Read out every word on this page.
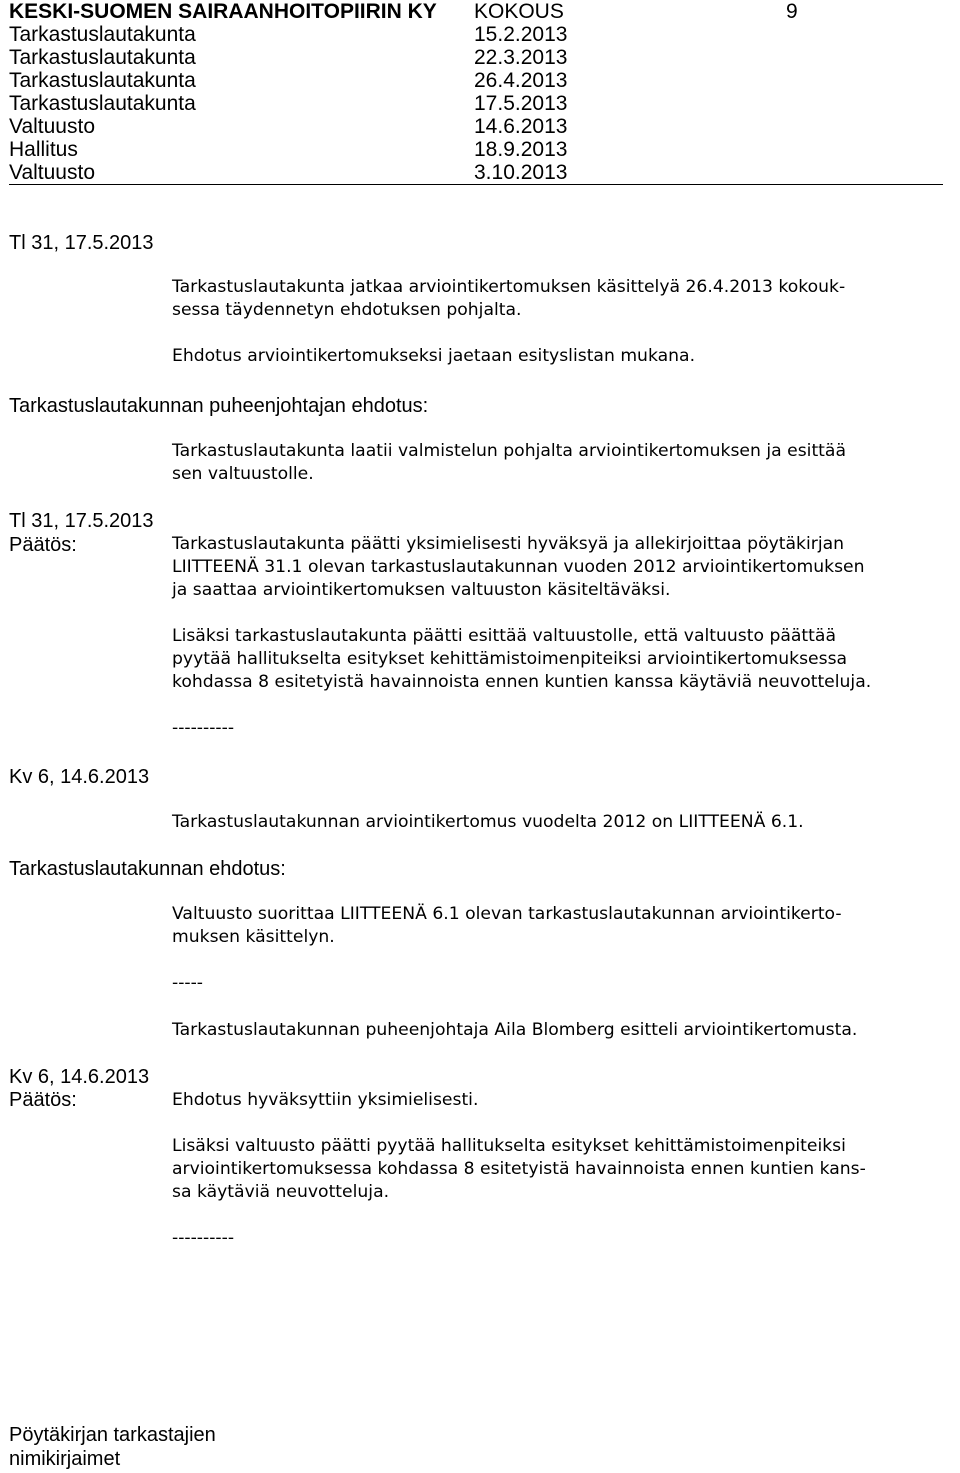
KESKI-SUOMEN SAIRAANHOITOPIIRIN KY KOKOUS	9
Tarkastuslautakunta	15.2.2013
Tarkastuslautakunta	22.3.2013
Tarkastuslautakunta	26.4.2013
Tarkastuslautakunta	17.5.2013
Valtuusto	14.6.2013
Hallitus	18.9.2013
Valtuusto	3.10.2013
Tl 31, 17.5.2013
Tarkastuslautakunta jatkaa arviointikertomuksen käsittelyä 26.4.2013 kokouk-
sessa täydennetyn ehdotuksen pohjalta.
Ehdotus arviointikertomukseksi jaetaan esityslistan mukana.
Tarkastuslautakunnan puheenjohtajan ehdotus:
Tarkastuslautakunta laatii valmistelun pohjalta arviointikertomuksen ja esittää
sen valtuustolle.
Tl 31, 17.5.2013
Päätös:	Tarkastuslautakunta päätti yksimielisesti hyväksyä ja allekirjoittaa pöytäkirjan
LIITTEENÄ 31.1 olevan tarkastuslautakunnan vuoden 2012 arviointikertomuksen
ja saattaa arviointikertomuksen valtuuston käsiteltäväksi.
Lisäksi tarkastuslautakunta päätti esittää valtuustolle, että valtuusto päättää
pyytää hallitukselta esitykset kehittämistoimenpiteiksi arviointikertomuksessa
kohdassa 8 esitetyistä havainnoista ennen kuntien kanssa käytäviä neuvotteluja.
----------
Kv 6, 14.6.2013
Tarkastuslautakunnan arviointikertomus vuodelta 2012 on LIITTEENÄ 6.1.
Tarkastuslautakunnan ehdotus:
Valtuusto suorittaa LIITTEENÄ 6.1 olevan tarkastuslautakunnan arviointikerto-
muksen käsittelyn.
-----
Tarkastuslautakunnan puheenjohtaja Aila Blomberg esitteli arviointikertomusta.
Kv 6, 14.6.2013
Päätös:	Ehdotus hyväksyttiin yksimielisesti.
Lisäksi valtuusto päätti pyytää hallitukselta esitykset kehittämistoimenpiteiksi
arviointikertomuksessa kohdassa 8 esitetyistä havainnoista ennen kuntien kans-
sa käytäviä neuvotteluja.
----------
Pöytäkirjan tarkastajien
nimikirjaimet
